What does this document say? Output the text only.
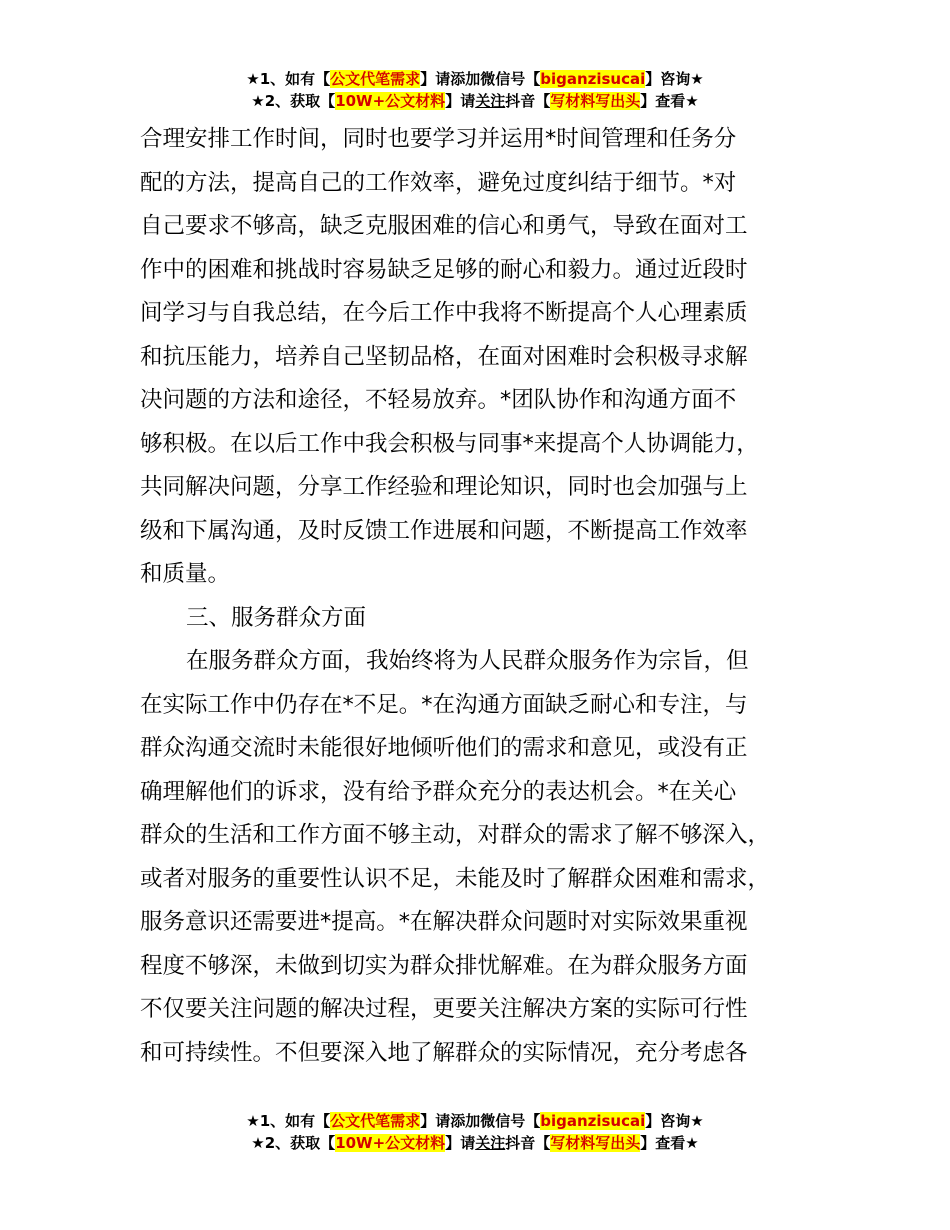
★1、如有【公文代笔需求】请添加微信号【biganzisucai】咨询★
★2、获取【10W+公文材料】请关注抖音【写材料写出头】查看★
合理安排工作时间，同时也要学习并运用*时间管理和任务分
配的方法，提高自己的工作效率，避免过度纠结于细节。*对
自己要求不够高，缺乏克服困难的信心和勇气，导致在面对工
作中的困难和挑战时容易缺乏足够的耐心和毅力。通过近段时
间学习与自我总结，在今后工作中我将不断提高个人心理素质
和抗压能力，培养自己坚韧品格，在面对困难时会积极寻求解
决问题的方法和途径，不轻易放弃。*团队协作和沟通方面不
够积极。在以后工作中我会积极与同事*来提高个人协调能力，
共同解决问题，分享工作经验和理论知识，同时也会加强与上
级和下属沟通，及时反馈工作进展和问题，不断提高工作效率
和质量。
三、服务群众方面
在服务群众方面，我始终将为人民群众服务作为宗旨，但
在实际工作中仍存在*不足。*在沟通方面缺乏耐心和专注，与
群众沟通交流时未能很好地倾听他们的需求和意见，或没有正
确理解他们的诉求，没有给予群众充分的表达机会。*在关心
群众的生活和工作方面不够主动，对群众的需求了解不够深入，
或者对服务的重要性认识不足，未能及时了解群众困难和需求，
服务意识还需要进*提高。*在解决群众问题时对实际效果重视
程度不够深，未做到切实为群众排忧解难。在为群众服务方面
不仅要关注问题的解决过程，更要关注解决方案的实际可行性
和可持续性。不但要深入地了解群众的实际情况，充分考虑各
★1、如有【公文代笔需求】请添加微信号【biganzisucai】咨询★
★2、获取【10W+公文材料】请关注抖音【写材料写出头】查看★
